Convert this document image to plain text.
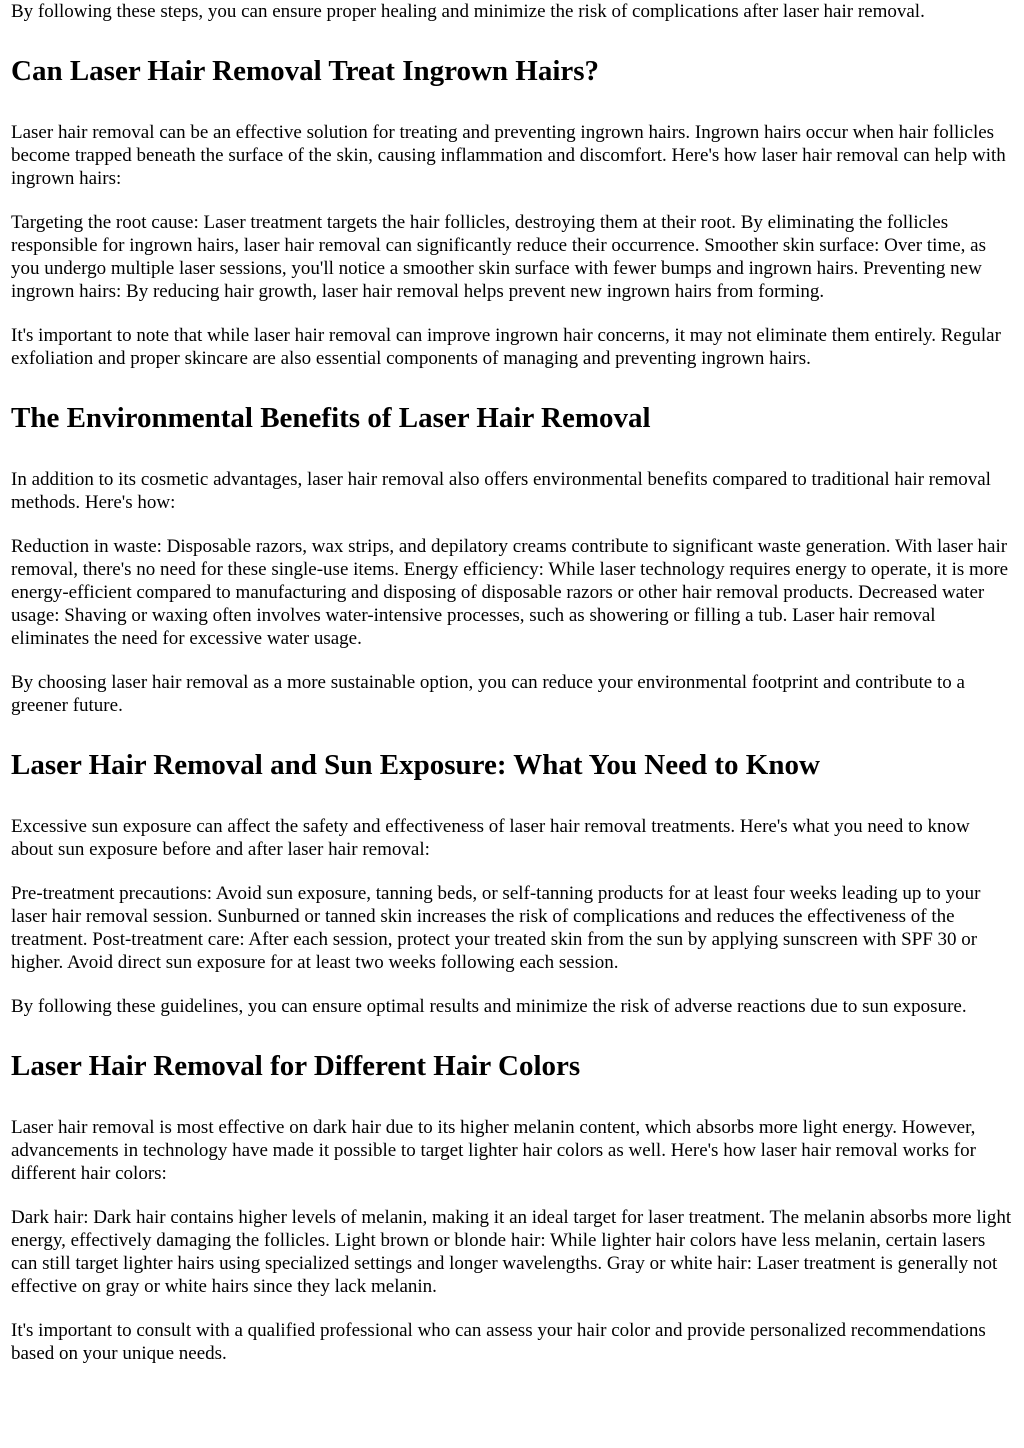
By following these steps, you can ensure proper healing and minimize the risk of complications after laser hair removal.

Can Laser Hair Removal Treat Ingrown Hairs?

Laser hair removal can be an effective solution for treating and preventing ingrown hairs. Ingrown hairs occur when hair follicles become trapped beneath the surface of the skin, causing inflammation and discomfort. Here's how laser hair removal can help with ingrown hairs:

Targeting the root cause: Laser treatment targets the hair follicles, destroying them at their root. By eliminating the follicles responsible for ingrown hairs, laser hair removal can significantly reduce their occurrence. Smoother skin surface: Over time, as you undergo multiple laser sessions, you'll notice a smoother skin surface with fewer bumps and ingrown hairs. Preventing new ingrown hairs: By reducing hair growth, laser hair removal helps prevent new ingrown hairs from forming.

It's important to note that while laser hair removal can improve ingrown hair concerns, it may not eliminate them entirely. Regular exfoliation and proper skincare are also essential components of managing and preventing ingrown hairs.

The Environmental Benefits of Laser Hair Removal

In addition to its cosmetic advantages, laser hair removal also offers environmental benefits compared to traditional hair removal methods. Here's how:

Reduction in waste: Disposable razors, wax strips, and depilatory creams contribute to significant waste generation. With laser hair removal, there's no need for these single-use items. Energy efficiency: While laser technology requires energy to operate, it is more energy-efficient compared to manufacturing and disposing of disposable razors or other hair removal products. Decreased water usage: Shaving or waxing often involves water-intensive processes, such as showering or filling a tub. Laser hair removal eliminates the need for excessive water usage.

By choosing laser hair removal as a more sustainable option, you can reduce your environmental footprint and contribute to a greener future.

Laser Hair Removal and Sun Exposure: What You Need to Know

Excessive sun exposure can affect the safety and effectiveness of laser hair removal treatments. Here's what you need to know about sun exposure before and after laser hair removal:

Pre-treatment precautions: Avoid sun exposure, tanning beds, or self-tanning products for at least four weeks leading up to your laser hair removal session. Sunburned or tanned skin increases the risk of complications and reduces the effectiveness of the treatment. Post-treatment care: After each session, protect your treated skin from the sun by applying sunscreen with SPF 30 or higher. Avoid direct sun exposure for at least two weeks following each session.

By following these guidelines, you can ensure optimal results and minimize the risk of adverse reactions due to sun exposure.

Laser Hair Removal for Different Hair Colors

Laser hair removal is most effective on dark hair due to its higher melanin content, which absorbs more light energy. However, advancements in technology have made it possible to target lighter hair colors as well. Here's how laser hair removal works for different hair colors:

Dark hair: Dark hair contains higher levels of melanin, making it an ideal target for laser treatment. The melanin absorbs more light energy, effectively damaging the follicles. Light brown or blonde hair: While lighter hair colors have less melanin, certain lasers can still target lighter hairs using specialized settings and longer wavelengths. Gray or white hair: Laser treatment is generally not effective on gray or white hairs since they lack melanin.

It's important to consult with a qualified professional who can assess your hair color and provide personalized recommendations based on your unique needs.
